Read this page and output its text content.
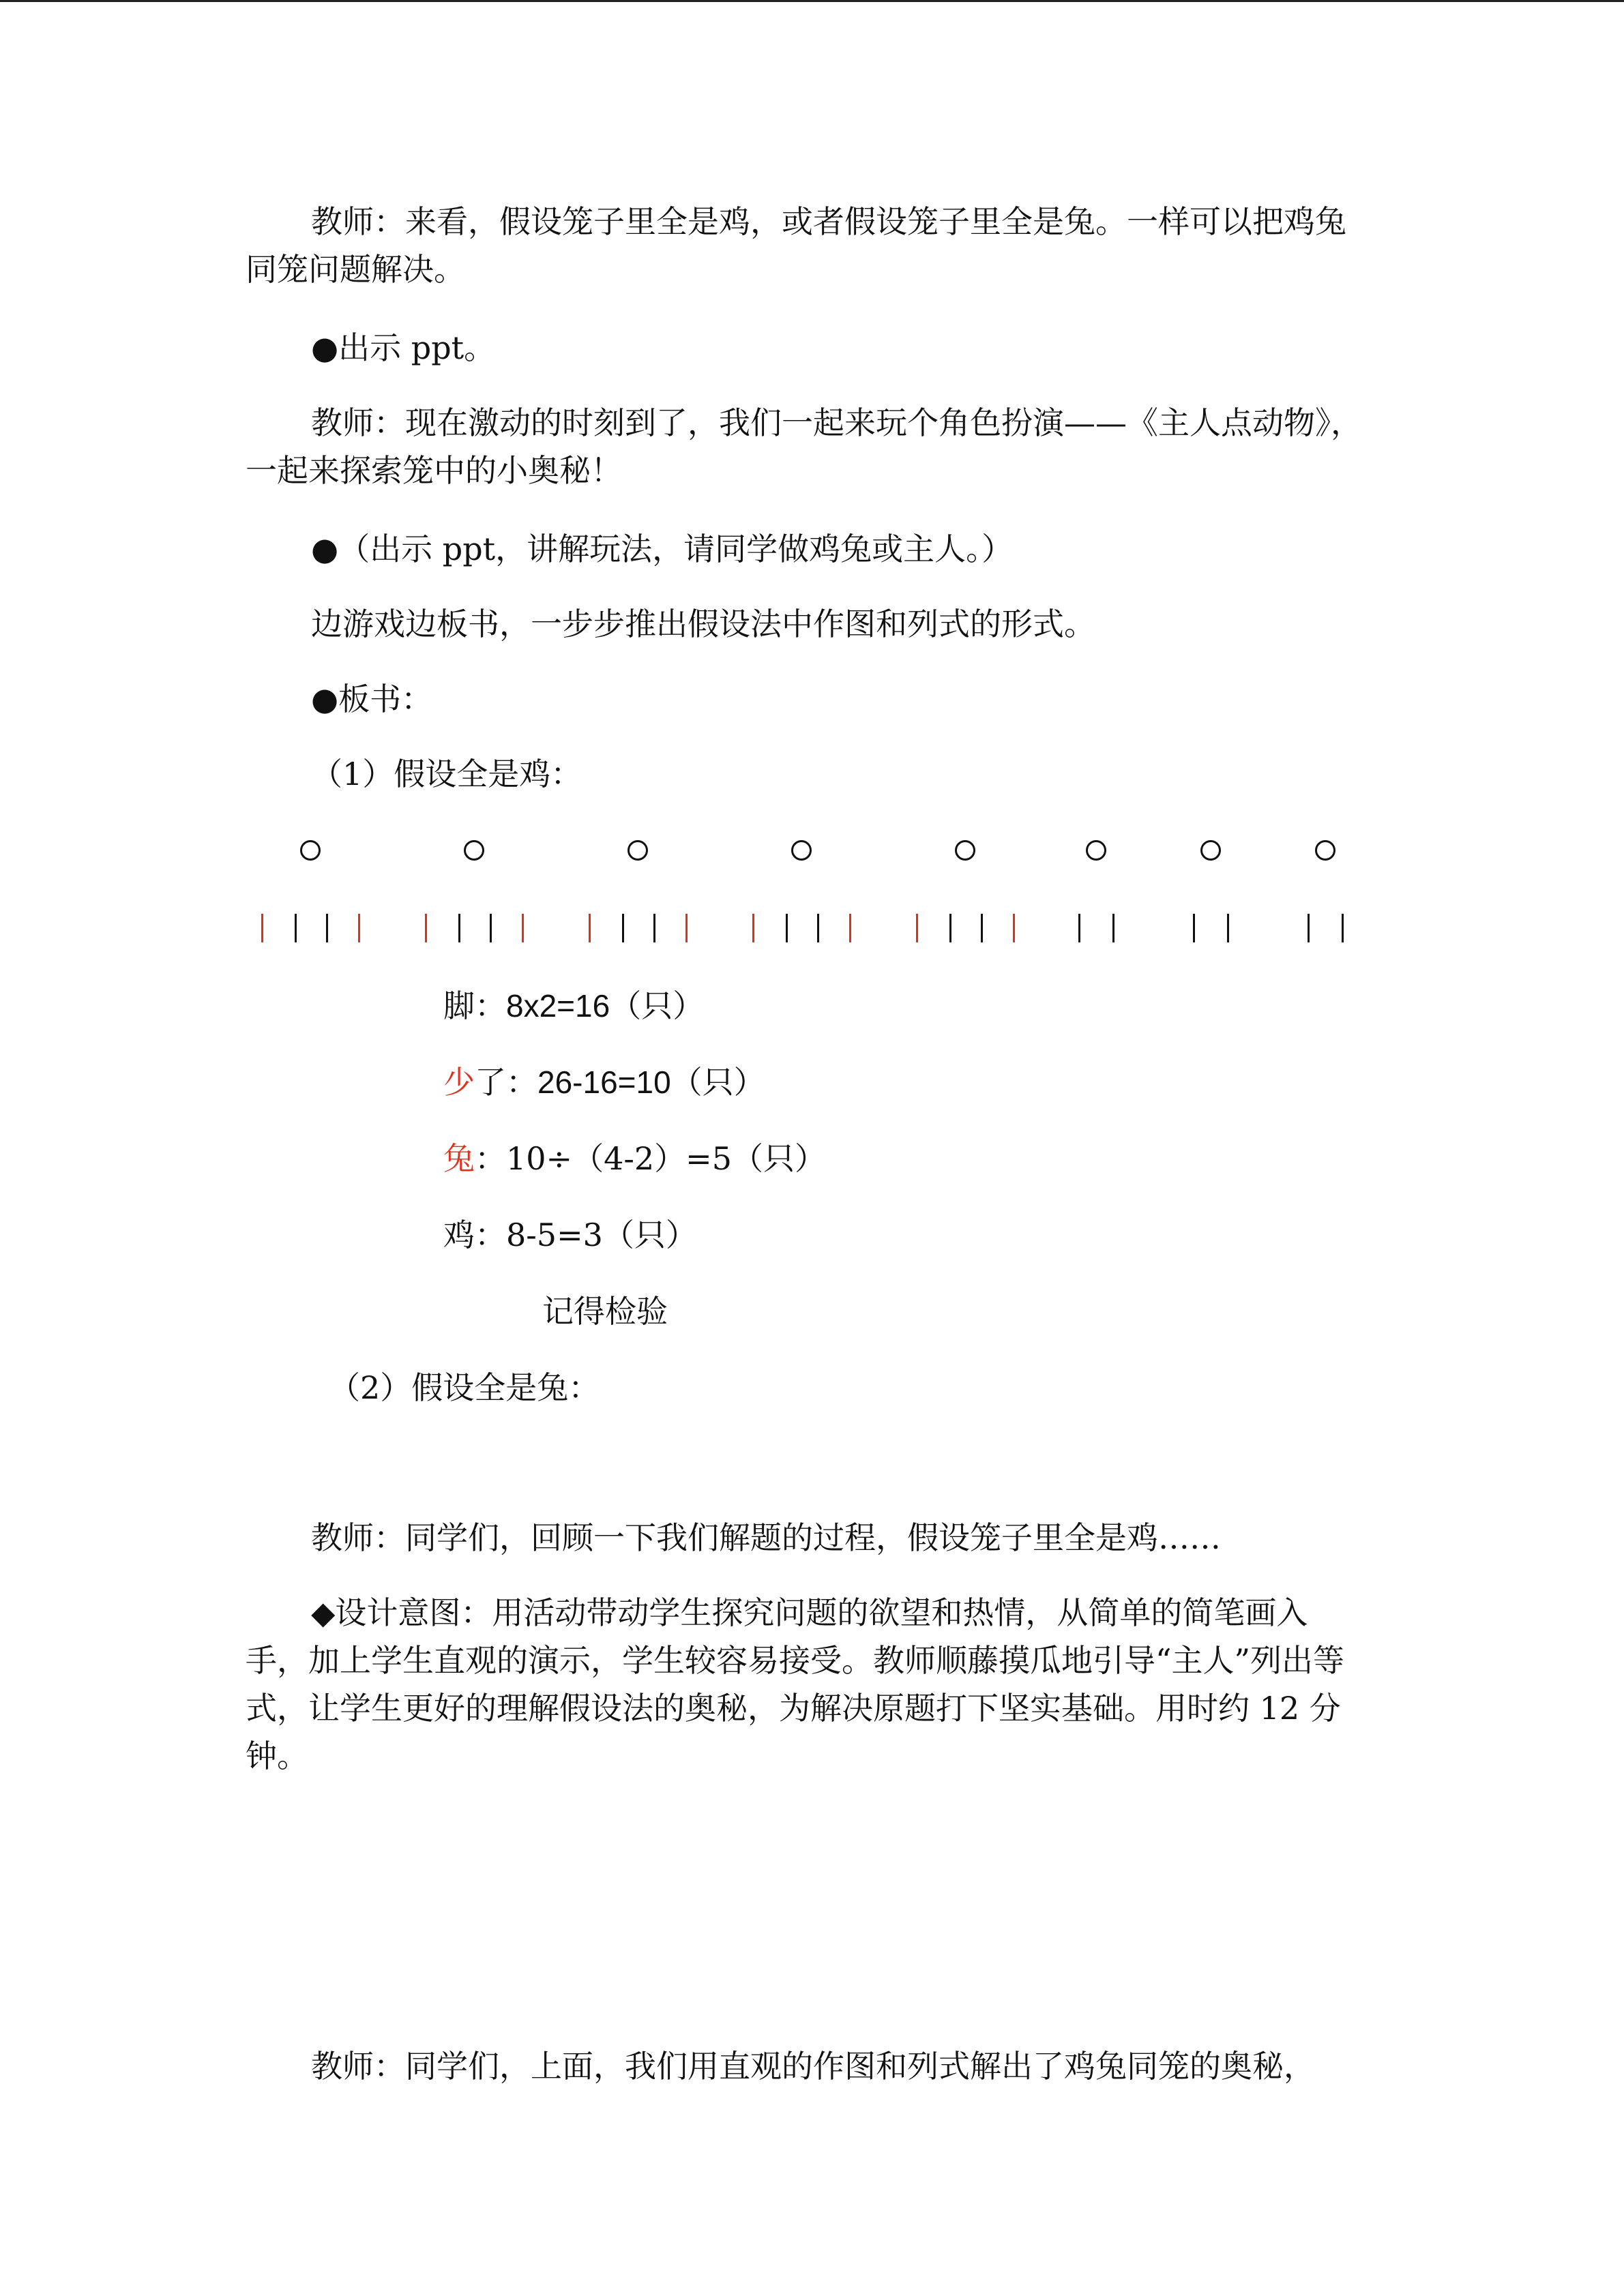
教师：来看，假设笼子里全是鸡，或者假设笼子里全是兔。一样可以把鸡兔同笼问题解决。
●出示 ppt。
教师：现在激动的时刻到了，我们一起来玩个角色扮演——《主人点动物》，一起来探索笼中的小奥秘！
●（出示 ppt，讲解玩法，请同学做鸡兔或主人。）
边游戏边板书，一步步推出假设法中作图和列式的形式。
●板书：
（1）假设全是鸡：
脚：8x2=16（只）
少了：26-16=10（只）
兔：10÷（4-2）=5（只）
鸡：8-5=3（只）
记得检验
（2）假设全是兔：
教师：同学们，回顾一下我们解题的过程，假设笼子里全是鸡……
◆设计意图：用活动带动学生探究问题的欲望和热情，从简单的简笔画入手，加上学生直观的演示，学生较容易接受。教师顺藤摸瓜地引导“主人”列出等式，让学生更好的理解假设法的奥秘，为解决原题打下坚实基础。用时约 12 分钟。
教师：同学们，上面，我们用直观的作图和列式解出了鸡兔同笼的奥秘，
